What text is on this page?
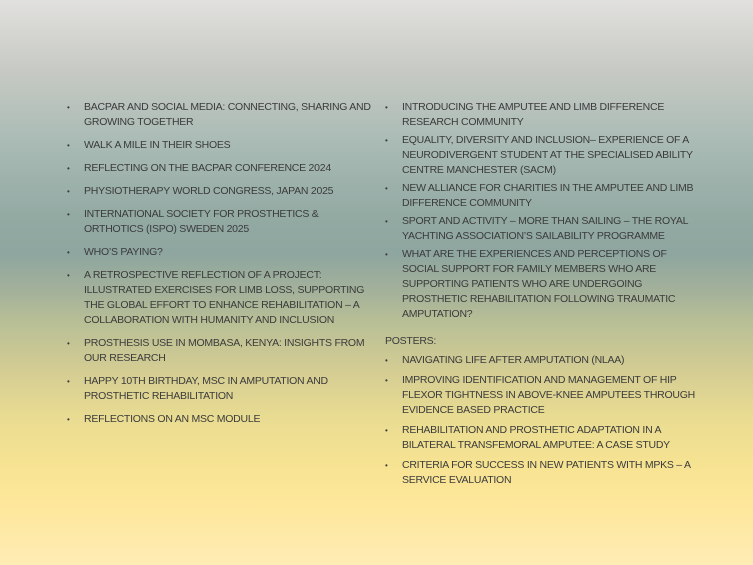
•	BACPAR AND SOCIAL MEDIA: CONNECTING, SHARING AND GROWING TOGETHER
•	WALK A MILE IN THEIR SHOES
•	REFLECTING ON THE BACPAR CONFERENCE 2024
•	PHYSIOTHERAPY WORLD CONGRESS, JAPAN 2025
•	INTERNATIONAL SOCIETY FOR PROSTHETICS & ORTHOTICS (ISPO) SWEDEN 2025
•	WHO’S PAYING?
•	A RETROSPECTIVE REFLECTION OF A PROJECT: ILLUSTRATED EXERCISES FOR LIMB LOSS, SUPPORTING THE GLOBAL EFFORT TO ENHANCE REHABILITATION – A COLLABORATION WITH HUMANITY AND INCLUSION
•	PROSTHESIS USE IN MOMBASA, KENYA: INSIGHTS FROM OUR RESEARCH
•	HAPPY 10TH BIRTHDAY, MSC IN AMPUTATION AND PROSTHETIC REHABILITATION
•	REFLECTIONS ON AN MSC MODULE
•	INTRODUCING THE AMPUTEE AND LIMB DIFFERENCE RESEARCH COMMUNITY
•	EQUALITY, DIVERSITY AND INCLUSION– EXPERIENCE OF A NEURODIVERGENT STUDENT AT THE SPECIALISED ABILITY CENTRE MANCHESTER (SACM)
•	NEW ALLIANCE FOR CHARITIES IN THE AMPUTEE AND LIMB DIFFERENCE COMMUNITY
•	SPORT AND ACTIVITY – MORE THAN SAILING – THE ROYAL YACHTING ASSOCIATION’S SAILABILITY PROGRAMME
•	WHAT ARE THE EXPERIENCES AND PERCEPTIONS OF SOCIAL SUPPORT FOR FAMILY MEMBERS WHO ARE SUPPORTING PATIENTS WHO ARE UNDERGOING PROSTHETIC REHABILITATION FOLLOWING TRAUMATIC AMPUTATION?
POSTERS:
•	NAVIGATING LIFE AFTER AMPUTATION (NLAA)
•	IMPROVING IDENTIFICATION AND MANAGEMENT OF HIP FLEXOR TIGHTNESS IN ABOVE-KNEE AMPUTEES THROUGH EVIDENCE BASED PRACTICE
•	REHABILITATION AND PROSTHETIC ADAPTATION IN A BILATERAL TRANSFEMORAL AMPUTEE: A CASE STUDY
•	CRITERIA FOR SUCCESS IN NEW PATIENTS WITH MPKS – A SERVICE EVALUATION
